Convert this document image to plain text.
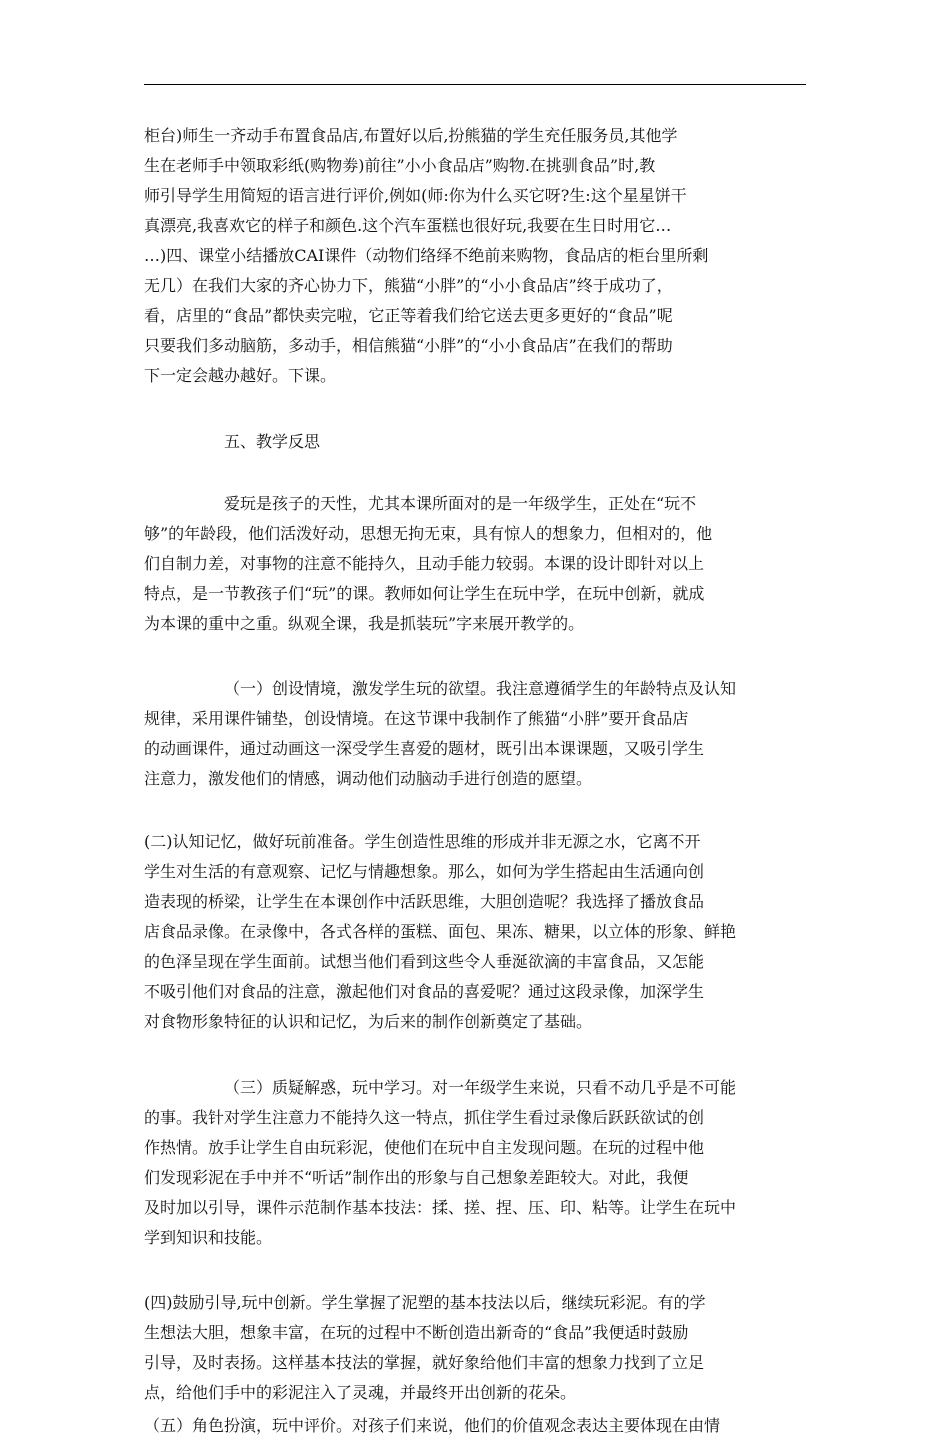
柜台)师生一齐动手布置食品店,布置好以后,扮熊猫的学生充任服务员,其他学
生在老师手中领取彩纸(购物劵)前往”小小食品店”购物.在挑驯食品”时,教
师引导学生用简短的语言进行评价,例如(师:你为什么买它呀?生:这个星星饼干
真漂亮,我喜欢它的样子和颜色.这个汽车蛋糕也很好玩,我要在生日时用它…
…)四、课堂小结播放CAI课件（动物们络绎不绝前来购物，食品店的柜台里所剩
无几）在我们大家的齐心协力下，熊猫“小胖”的“小小食品店”终于成功了，
看，店里的“食品”都快卖完啦，它正等着我们给它送去更多更好的“食品”呢
只要我们多动脑筋，多动手，相信熊猫“小胖”的“小小食品店”在我们的帮助
下一定会越办越好。下课。
五、教学反思
爱玩是孩子的天性，尤其本课所面对的是一年级学生，正处在“玩不
够”的年龄段，他们活泼好动，思想无拘无束，具有惊人的想象力，但相对的，他
们自制力差，对事物的注意不能持久，且动手能力较弱。本课的设计即针对以上
特点，是一节教孩子们“玩”的课。教师如何让学生在玩中学，在玩中创新，就成
为本课的重中之重。纵观全课，我是抓装玩”字来展开教学的。
（一）创设情境，激发学生玩的欲望。我注意遵循学生的年龄特点及认知
规律，采用课件铺垫，创设情境。在这节课中我制作了熊猫“小胖”要开食品店
的动画课件，通过动画这一深受学生喜爱的题材，既引出本课课题，又吸引学生
注意力，激发他们的情感，调动他们动脑动手进行创造的愿望。
(二)认知记忆，做好玩前准备。学生创造性思维的形成并非无源之水，它离不开
学生对生活的有意观察、记忆与情趣想象。那么，如何为学生搭起由生活通向创
造表现的桥梁，让学生在本课创作中活跃思维，大胆创造呢？我选择了播放食品
店食品录像。在录像中，各式各样的蛋糕、面包、果冻、糖果，以立体的形象、鲜艳
的色泽呈现在学生面前。试想当他们看到这些令人垂涎欲滴的丰富食品，又怎能
不吸引他们对食品的注意，激起他们对食品的喜爱呢？通过这段录像，加深学生
对食物形象特征的认识和记忆，为后来的制作创新奠定了基础。
（三）质疑解惑，玩中学习。对一年级学生来说，只看不动几乎是不可能
的事。我针对学生注意力不能持久这一特点，抓住学生看过录像后跃跃欲试的创
作热情。放手让学生自由玩彩泥，使他们在玩中自主发现问题。在玩的过程中他
们发现彩泥在手中并不“听话”制作出的形象与自己想象差距较大。对此，我便
及时加以引导，课件示范制作基本技法：揉、搓、捏、压、印、粘等。让学生在玩中
学到知识和技能。
(四)鼓励引导,玩中创新。学生掌握了泥塑的基本技法以后，继续玩彩泥。有的学
生想法大胆，想象丰富，在玩的过程中不断创造出新奇的“食品”我便适时鼓励
引导，及时表扬。这样基本技法的掌握，就好象给他们丰富的想象力找到了立足
点，给他们手中的彩泥注入了灵魂，并最终开出创新的花朵。
（五）角色扮演，玩中评价。对孩子们来说，他们的价值观念表达主要体现在由情
